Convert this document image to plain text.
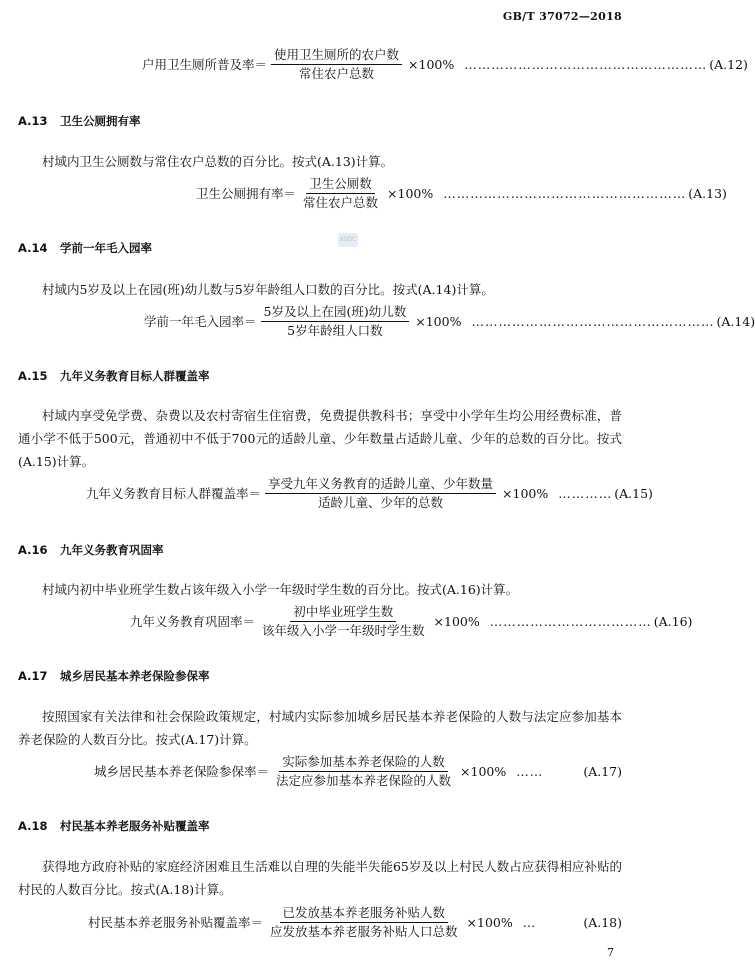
GB/T 37072—2018
XSDC
户用卫生厕所普及率＝ $\frac{\text{使用卫生厕所的农户数}}{\text{常住农户总数}} \times 100\%$ ……………………………………………… (A.12)
A.13 卫生公厕拥有率
村域内卫生公厕数与常住农户总数的百分比。按式(A.13)计算。
卫生公厕拥有率＝ $\frac{\text{卫生公厕数}}{\text{常住农户总数}} \times 100\%$ ……………………………………………… (A.13)
A.14 学前一年毛入园率
村域内5岁及以上在园(班)幼儿数与5岁年龄组人口数的百分比。按式(A.14)计算。
学前一年毛入园率＝ $\frac{\text{5岁及以上在园(班)幼儿数}}{\text{5岁年龄组人口数}} \times 100\%$ ……………………………………………… (A.14)
A.15 九年义务教育目标人群覆盖率
村域内享受免学费、杂费以及农村寄宿生住宿费，免费提供教科书；享受中小学年生均公用经费标准，普通小学不低于500元，普通初中不低于700元的适龄儿童、少年数量占适龄儿童、少年的总数的百分比。按式(A.15)计算。
九年义务教育目标人群覆盖率＝ $\frac{\text{享受九年义务教育的适龄儿童、少年数量}}{\text{适龄儿童、少年的总数}} \times 100\%$ ………… (A.15)
A.16 九年义务教育巩固率
村域内初中毕业班学生数占该年级入小学一年级时学生数的百分比。按式(A.16)计算。
九年义务教育巩固率＝ $\frac{\text{初中毕业班学生数}}{\text{该年级入小学一年级时学生数}} \times 100\%$ ……………………………… (A.16)
A.17 城乡居民基本养老保险参保率
按照国家有关法律和社会保险政策规定，村域内实际参加城乡居民基本养老保险的人数与法定应参加基本养老保险的人数百分比。按式(A.17)计算。
城乡居民基本养老保险参保率＝ $\frac{\text{实际参加基本养老保险的人数}}{\text{法定应参加基本养老保险的人数}} \times 100\%$ ……	(A.17)
A.18 村民基本养老服务补贴覆盖率
获得地方政府补贴的家庭经济困难且生活难以自理的失能半失能65岁及以上村民人数占应获得相应补贴的村民的人数百分比。按式(A.18)计算。
村民基本养老服务补贴覆盖率＝ $\frac{\text{已发放基本养老服务补贴人数}}{\text{应发放基本养老服务补贴人口总数}} \times 100\%$ …	(A.18)
7
